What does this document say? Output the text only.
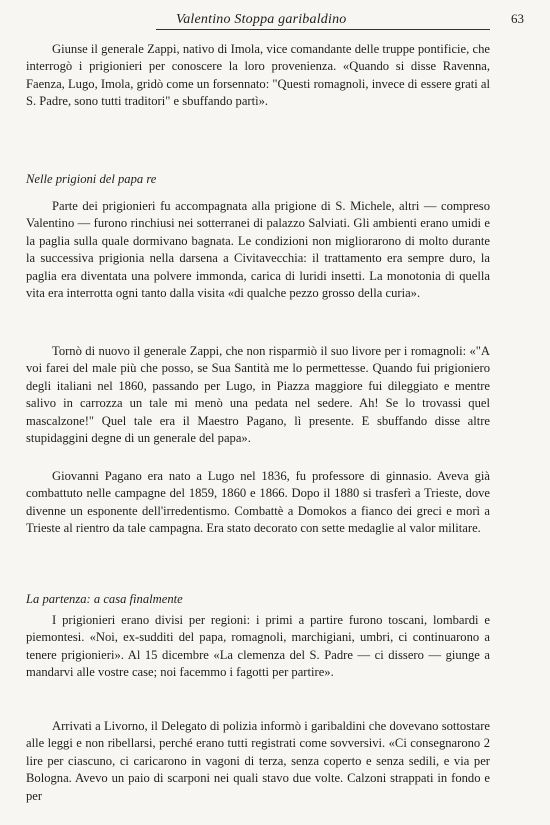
Valentino Stoppa garibaldino	63

Giunse il generale Zappi, nativo di Imola, vice comandante delle truppe pontificie, che interrogò i prigionieri per conoscere la loro provenienza. «Quando si disse Ravenna, Faenza, Lugo, Imola, gridò come un forsennato: "Questi romagnoli, invece di essere grati al S. Padre, sono tutti traditori" e sbuffando partì».

Nelle prigioni del papa re

Parte dei prigionieri fu accompagnata alla prigione di S. Michele, altri — compreso Valentino — furono rinchiusi nei sotterranei di palazzo Salviati. Gli ambienti erano umidi e la paglia sulla quale dormivano bagnata. Le condizioni non migliorarono di molto durante la successiva prigionia nella darsena a Civitavecchia: il trattamento era sempre duro, la paglia era diventata una polvere immonda, carica di luridi insetti. La monotonia di quella vita era interrotta ogni tanto dalla visita «di qualche pezzo grosso della curia».

Tornò di nuovo il generale Zappi, che non risparmiò il suo livore per i romagnoli: «"A voi farei del male più che posso, se Sua Santità me lo permettesse. Quando fui prigioniero degli italiani nel 1860, passando per Lugo, in Piazza maggiore fui dileggiato e mentre salivo in carrozza un tale mi menò una pedata nel sedere. Ah! Se lo trovassi quel mascalzone!" Quel tale era il Maestro Pagano, lì presente. E sbuffando disse altre stupidaggini degne di un generale del papa».

Giovanni Pagano era nato a Lugo nel 1836, fu professore di ginnasio. Aveva già combattuto nelle campagne del 1859, 1860 e 1866. Dopo il 1880 si trasferì a Trieste, dove divenne un esponente dell'irredentismo. Combattè a Domokos a fianco dei greci e morì a Trieste al rientro da tale campagna. Era stato decorato con sette medaglie al valor militare.

La partenza: a casa finalmente

I prigionieri erano divisi per regioni: i primi a partire furono toscani, lombardi e piemontesi. «Noi, ex-sudditi del papa, romagnoli, marchigiani, umbri, ci continuarono a tenere prigionieri». Al 15 dicembre «La clemenza del S. Padre — ci dissero — giunge a mandarvi alle vostre case; noi facemmo i fagotti per partire».

Arrivati a Livorno, il Delegato di polizia informò i garibaldini che dovevano sottostare alle leggi e non ribellarsi, perché erano tutti registrati come sovversivi. «Ci consegnarono 2 lire per ciascuno, ci caricarono in vagoni di terza, senza coperto e senza sedili, e via per Bologna. Avevo un paio di scarponi nei quali stavo due volte. Calzoni strappati in fondo e per
